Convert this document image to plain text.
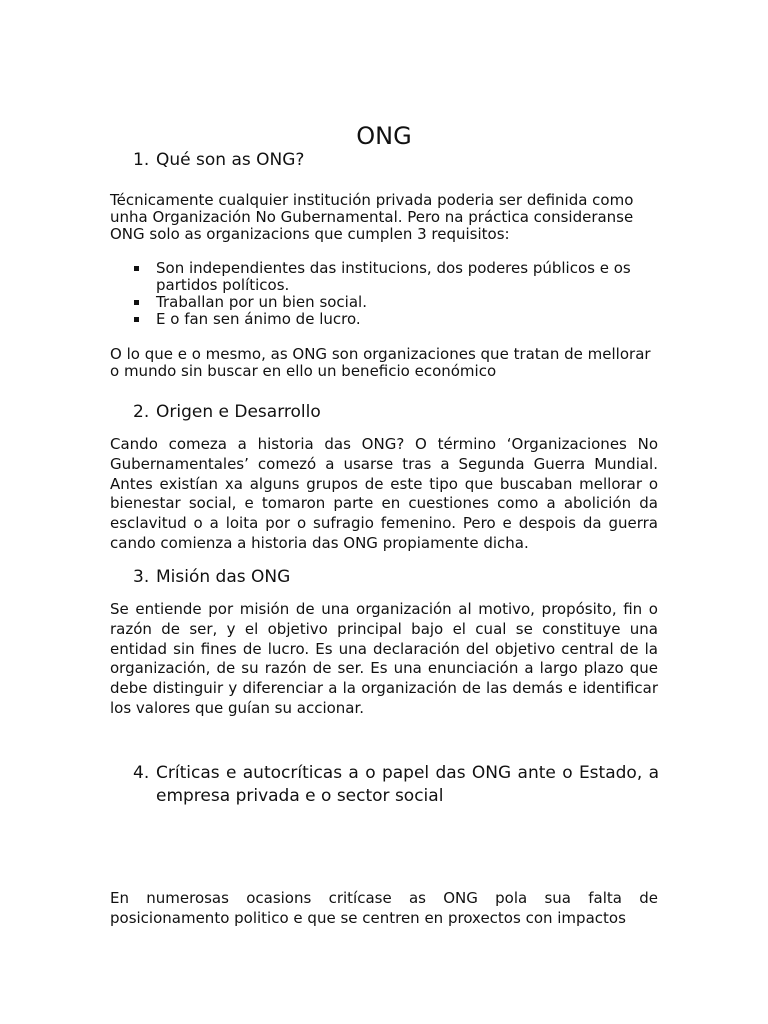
ONG
1. Qué son as ONG?

Técnicamente cualquier institución privada poderia ser definida como unha Organización No Gubernamental. Pero na práctica consideranse ONG solo as organizacions que cumplen 3 requisitos:

Son independientes das institucions, dos poderes públicos e os partidos políticos.
Traballan por un bien social.
E o fan sen ánimo de lucro.

O lo que e o mesmo, as ONG son organizaciones que tratan de mellorar o mundo sin buscar en ello un beneficio económico

2. Origen e Desarrollo

Cando comeza a historia das ONG? O término ‘Organizaciones No Gubernamentales’ comezó a usarse tras a Segunda Guerra Mundial. Antes existían xa alguns grupos de este tipo que buscaban mellorar o bienestar social, e tomaron parte en cuestiones como a abolición da esclavitud o a loita por o sufragio femenino. Pero e despois da guerra cando comienza a historia das ONG propiamente dicha.

3. Misión das ONG

Se entiende por misión de una organización al motivo, propósito, fin o razón de ser, y el objetivo principal bajo el cual se constituye una entidad sin fines de lucro. Es una declaración del objetivo central de la organización, de su razón de ser. Es una enunciación a largo plazo que debe distinguir y diferenciar a la organización de las demás e identificar los valores que guían su accionar.

4. Críticas e autocríticas a o papel das ONG ante o Estado, a empresa privada e o sector social

En numerosas ocasions critícase as ONG pola sua falta de posicionamento politico e que se centren en proxectos con impactos
